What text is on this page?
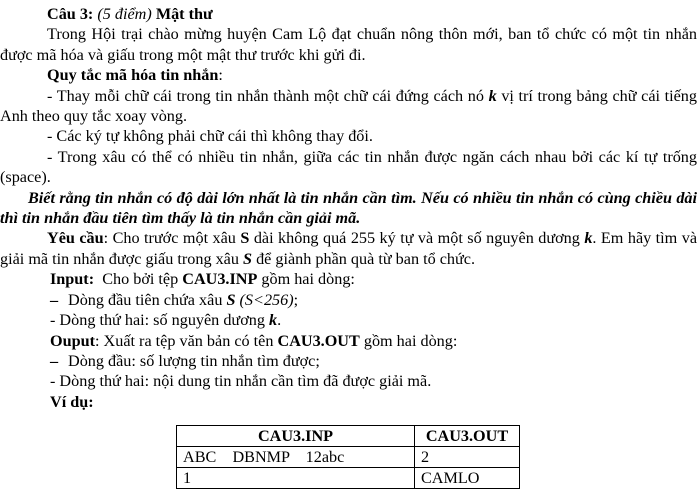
Câu 3: (5 điểm) Mật thư

Trong Hội trại chào mừng huyện Cam Lộ đạt chuẩn nông thôn mới, ban tổ chức có một tin nhắn được mã hóa và giấu trong một mật thư trước khi gửi đi.

Quy tắc mã hóa tin nhắn:

- Thay mỗi chữ cái trong tin nhắn thành một chữ cái đứng cách nó k vị trí trong bảng chữ cái tiếng Anh theo quy tắc xoay vòng.

- Các ký tự không phải chữ cái thì không thay đổi.

- Trong xâu có thể có nhiều tin nhắn, giữa các tin nhắn được ngăn cách nhau bởi các kí tự trống (space).

Biết rằng tin nhắn có độ dài lớn nhất là tin nhắn cần tìm. Nếu có nhiều tin nhắn có cùng chiều dài thì tin nhắn đầu tiên tìm thấy là tin nhắn cần giải mã.

Yêu cầu: Cho trước một xâu S dài không quá 255 ký tự và một số nguyên dương k. Em hãy tìm và giải mã tin nhắn được giấu trong xâu S để giành phần quà từ ban tổ chức.

Input:  Cho bởi tệp CAU3.INP gồm hai dòng:

– Dòng đầu tiên chứa xâu S (S<256);

- Dòng thứ hai: số nguyên dương k.

Ouput: Xuất ra tệp văn bản có tên CAU3.OUT gồm hai dòng:

– Dòng đầu: số lượng tin nhắn tìm được;

- Dòng thứ hai: nội dung tin nhắn cần tìm đã được giải mã.

Ví dụ:

CAU3.INP	CAU3.OUT
ABC    DBNMP    12abc	2
1	CAMLO
